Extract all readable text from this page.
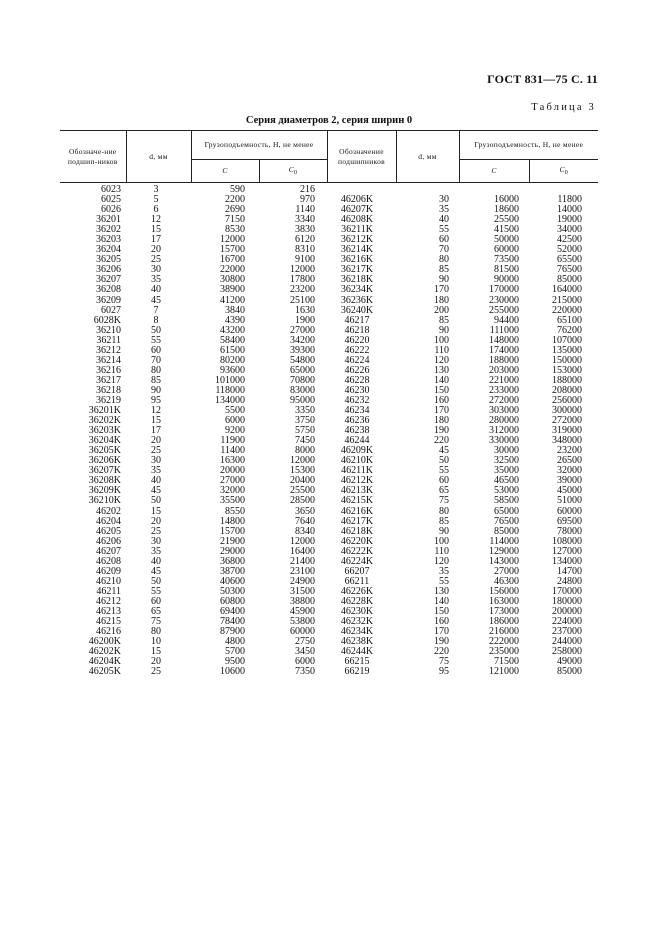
ГОСТ 831—75 С. 11
Таблица 3
Серия диаметров 2, серия ширин 0
Обозначе-ние подшип-ников	d, мм	Грузоподъемность, Н, не менее		Обозначение подшипников	d, мм	Грузоподъемность, Н, не менее	
		C	$C_0$			C	$C_0$
6023	3	590	216				
6025	5	2200	970	46206K	30	16000	11800
6026	6	2690	1140	46207K	35	18600	14000
36201	12	7150	3340	46208K	40	25500	19000
36202	15	8530	3830	36211K	55	41500	34000
36203	17	12000	6120	36212K	60	50000	42500
36204	20	15700	8310	36214K	70	60000	52000
36205	25	16700	9100	36216K	80	73500	65500
36206	30	22000	12000	36217K	85	81500	76500
36207	35	30800	17800	36218K	90	90000	85000
36208	40	38900	23200	36234K	170	170000	164000
36209	45	41200	25100	36236K	180	230000	215000
6027	7	3840	1630	36240K	200	255000	220000
6028K	8	4390	1900	46217	85	94400	65100
36210	50	43200	27000	46218	90	111000	76200
36211	55	58400	34200	46220	100	148000	107000
36212	60	61500	39300	46222	110	174000	135000
36214	70	80200	54800	46224	120	188000	150000
36216	80	93600	65000	46226	130	203000	153000
36217	85	101000	70800	46228	140	221000	188000
36218	90	118000	83000	46230	150	233000	208000
36219	95	134000	95000	46232	160	272000	256000
36201K	12	5500	3350	46234	170	303000	300000
36202K	15	6000	3750	46236	180	280000	272000
36203K	17	9200	5750	46238	190	312000	319000
36204K	20	11900	7450	46244	220	330000	348000
36205K	25	11400	8000	46209K	45	30000	23200
36206K	30	16300	12000	46210K	50	32500	26500
36207K	35	20000	15300	46211K	55	35000	32000
36208K	40	27000	20400	46212K	60	46500	39000
36209K	45	32000	25500	46213K	65	53000	45000
36210K	50	35500	28500	46215K	75	58500	51000
46202	15	8550	3650	46216K	80	65000	60000
46204	20	14800	7640	46217K	85	76500	69500
46205	25	15700	8340	46218K	90	85000	78000
46206	30	21900	12000	46220K	100	114000	108000
46207	35	29000	16400	46222K	110	129000	127000
46208	40	36800	21400	46224K	120	143000	134000
46209	45	38700	23100	66207	35	27000	14700
46210	50	40600	24900	66211	55	46300	24800
46211	55	50300	31500	46226K	130	156000	170000
46212	60	60800	38800	46228K	140	163000	180000
46213	65	69400	45900	46230K	150	173000	200000
46215	75	78400	53800	46232K	160	186000	224000
46216	80	87900	60000	46234K	170	216000	237000
46200K	10	4800	2750	46238K	190	222000	244000
46202K	15	5700	3450	46244K	220	235000	258000
46204K	20	9500	6000	66215	75	71500	49000
46205K	25	10600	7350	66219	95	121000	85000
